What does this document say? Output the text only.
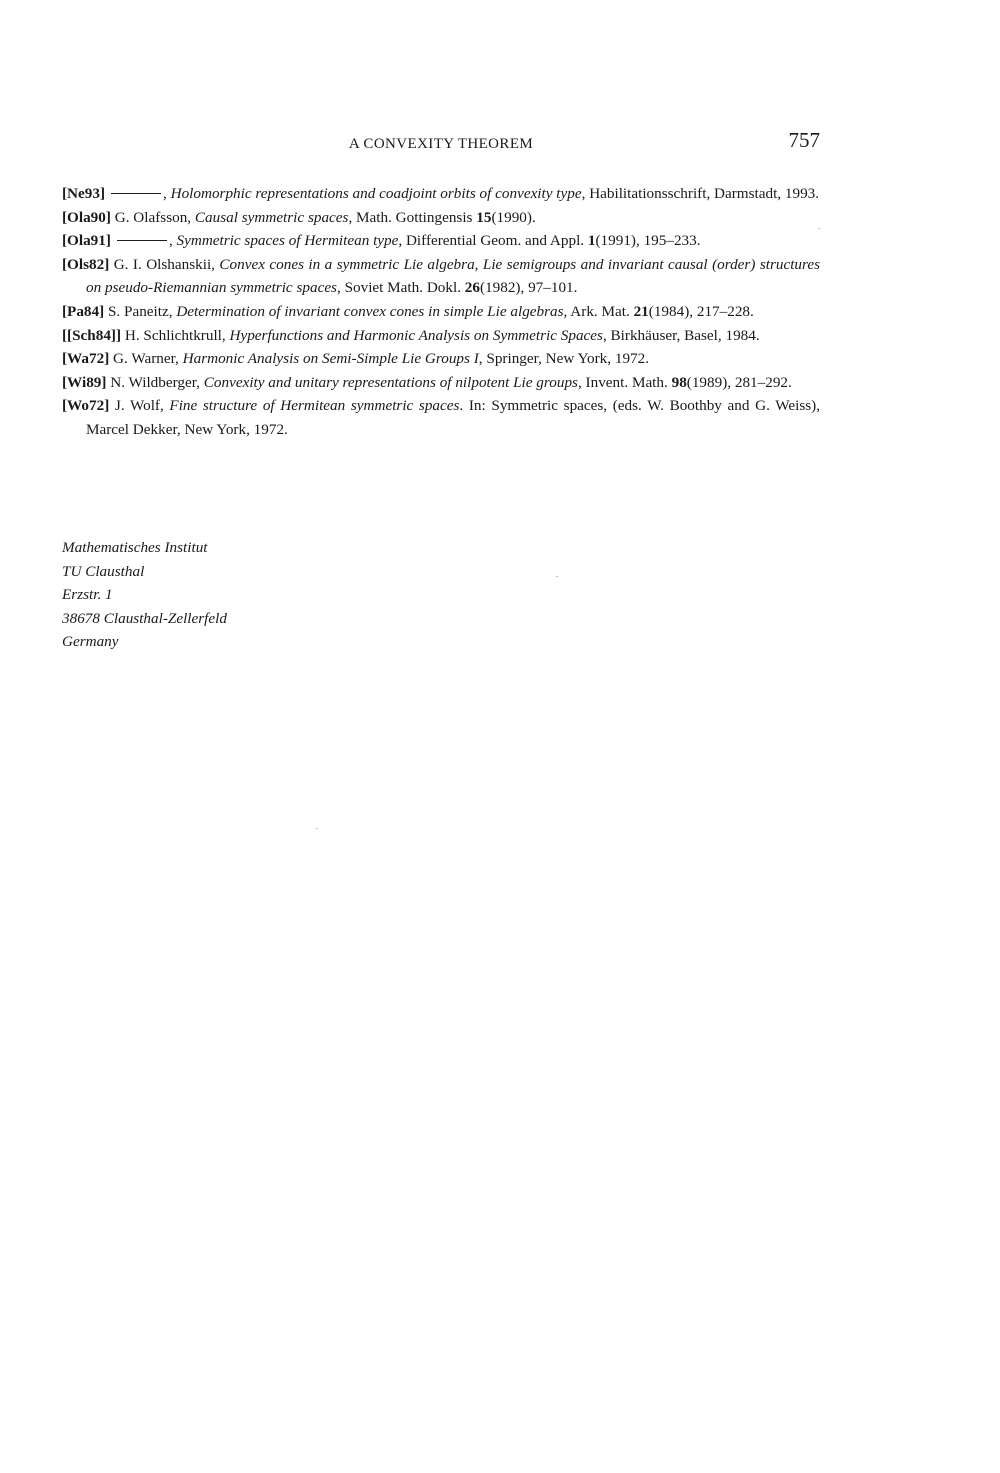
A CONVEXITY THEOREM	757

[Ne93]	, Holomorphic representations and coadjoint orbits of convexity type, Habilitationsschrift, Darmstadt, 1993.

[Ola90] G. Olafsson, Causal symmetric spaces, Math. Gottingensis 15(1990).

[Ola91]	, Symmetric spaces of Hermitean type, Differential Geom. and Appl. 1(1991), 195–233.

[Ols82] G. I. Olshanskii, Convex cones in a symmetric Lie algebra, Lie semigroups and invariant causal (order) structures on pseudo-Riemannian symmetric spaces, Soviet Math. Dokl. 26(1982), 97–101.

[Pa84] S. Paneitz, Determination of invariant convex cones in simple Lie algebras, Ark. Mat. 21(1984), 217–228.

[[Sch84]] H. Schlichtkrull, Hyperfunctions and Harmonic Analysis on Symmetric Spaces, Birkhäuser, Basel, 1984.

[Wa72] G. Warner, Harmonic Analysis on Semi-Simple Lie Groups I, Springer, New York, 1972.

[Wi89] N. Wildberger, Convexity and unitary representations of nilpotent Lie groups, Invent. Math. 98(1989), 281–292.

[Wo72] J. Wolf, Fine structure of Hermitean symmetric spaces. In: Symmetric spaces, (eds. W. Boothby and G. Weiss), Marcel Dekker, New York, 1972.

Mathematisches Institut
TU Clausthal
Erzstr. 1
38678 Clausthal-Zellerfeld
Germany
